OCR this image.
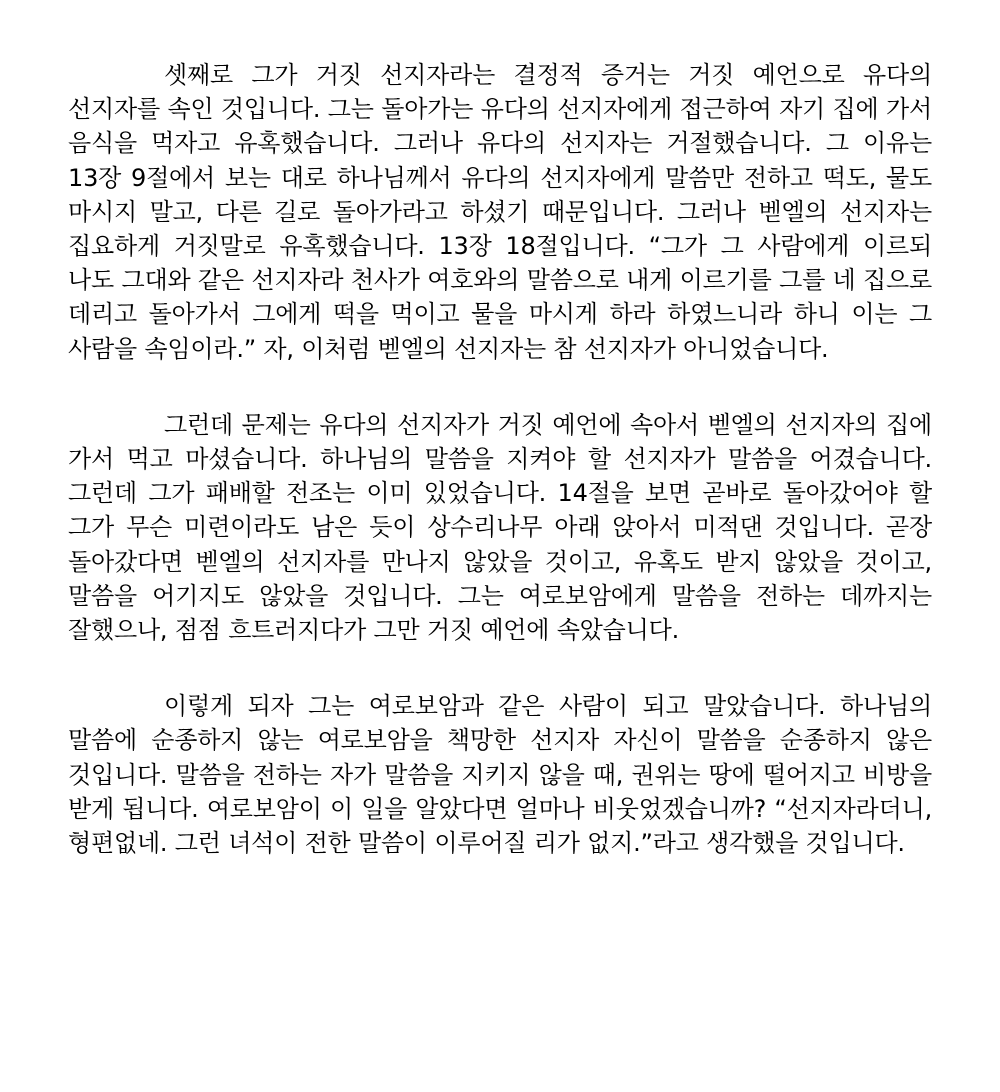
셋째로 그가 거짓 선지자라는 결정적 증거는 거짓 예언으로 유다의 선지자를 속인 것입니다. 그는 돌아가는 유다의 선지자에게 접근하여 자기 집에 가서 음식을 먹자고 유혹했습니다. 그러나 유다의 선지자는 거절했습니다. 그 이유는 13장 9절에서 보는 대로 하나님께서 유다의 선지자에게 말씀만 전하고 떡도, 물도 마시지 말고, 다른 길로 돌아가라고 하셨기 때문입니다. 그러나 벧엘의 선지자는 집요하게 거짓말로 유혹했습니다. 13장 18절입니다. “그가 그 사람에게 이르되 나도 그대와 같은 선지자라 천사가 여호와의 말씀으로 내게 이르기를 그를 네 집으로 데리고 돌아가서 그에게 떡을 먹이고 물을 마시게 하라 하였느니라 하니 이는 그 사람을 속임이라.” 자, 이처럼 벧엘의 선지자는 참 선지자가 아니었습니다.

그런데 문제는 유다의 선지자가 거짓 예언에 속아서 벧엘의 선지자의 집에 가서 먹고 마셨습니다. 하나님의 말씀을 지켜야 할 선지자가 말씀을 어겼습니다. 그런데 그가 패배할 전조는 이미 있었습니다. 14절을 보면 곧바로 돌아갔어야 할 그가 무슨 미련이라도 남은 듯이 상수리나무 아래 앉아서 미적댄 것입니다. 곧장 돌아갔다면 벧엘의 선지자를 만나지 않았을 것이고, 유혹도 받지 않았을 것이고, 말씀을 어기지도 않았을 것입니다. 그는 여로보암에게 말씀을 전하는 데까지는 잘했으나, 점점 흐트러지다가 그만 거짓 예언에 속았습니다.

이렇게 되자 그는 여로보암과 같은 사람이 되고 말았습니다. 하나님의 말씀에 순종하지 않는 여로보암을 책망한 선지자 자신이 말씀을 순종하지 않은 것입니다. 말씀을 전하는 자가 말씀을 지키지 않을 때, 권위는 땅에 떨어지고 비방을 받게 됩니다. 여로보암이 이 일을 알았다면 얼마나 비웃었겠습니까? “선지자라더니, 형편없네. 그런 녀석이 전한 말씀이 이루어질 리가 없지.”라고 생각했을 것입니다.
